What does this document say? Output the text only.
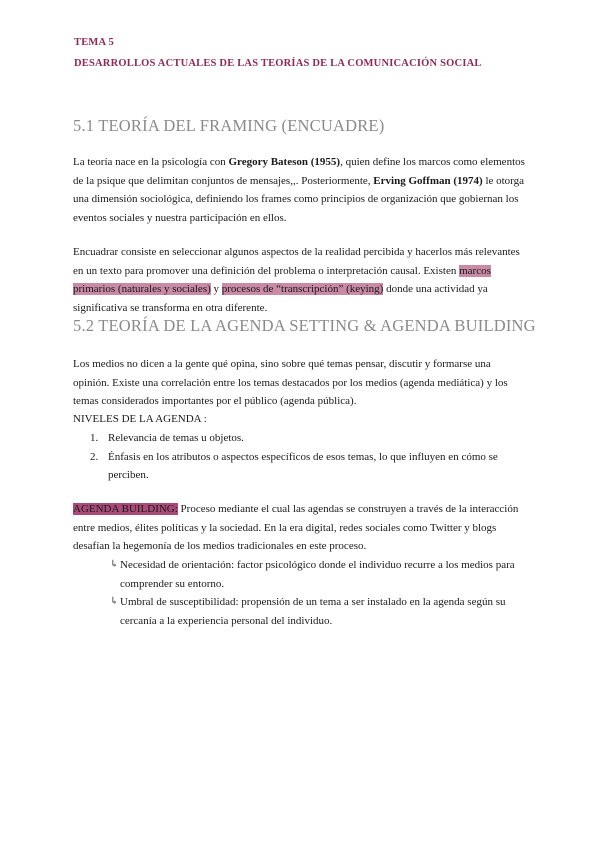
TEMA 5
DESARROLLOS ACTUALES DE LAS TEORÍAS DE LA COMUNICACIÓN SOCIAL
5.1 TEORÍA DEL FRAMING (ENCUADRE)
La teoría nace en la psicología con Gregory Bateson (1955), quien define los marcos como elementos de la psique que delimitan conjuntos de mensajes,,. Posteriormente, Erving Goffman (1974) le otorga una dimensión sociológica, definiendo los frames como principios de organización que gobiernan los eventos sociales y nuestra participación en ellos.
Encuadrar consiste en seleccionar algunos aspectos de la realidad percibida y hacerlos más relevantes en un texto para promover una definición del problema o interpretación causal. Existen marcos primarios (naturales y sociales) y procesos de “transcripción” (keying) donde una actividad ya significativa se transforma en otra diferente.
5.2 TEORÍA DE LA AGENDA SETTING & AGENDA BUILDING
Los medios no dicen a la gente qué opina, sino sobre qué temas pensar, discutir y formarse una opinión. Existe una correlación entre los temas destacados por los medios (agenda mediática) y los temas considerados importantes por el público (agenda pública).
NIVELES DE LA AGENDA :
1. Relevancia de temas u objetos.
2. Énfasis en los atributos o aspectos específicos de esos temas, lo que influyen en cómo se perciben.
AGENDA BUILDING: Proceso mediante el cual las agendas se construyen a través de la interacción entre medios, élites políticas y la sociedad. En la era digital, redes sociales como Twitter y blogs desafían la hegemonía de los medios tradicionales en este proceso.
↳ Necesidad de orientación: factor psicológico donde el individuo recurre a los medios para comprender su entorno.
↳ Umbral de susceptibilidad: propensión de un tema a ser instalado en la agenda según su cercanía a la experiencia personal del individuo.
